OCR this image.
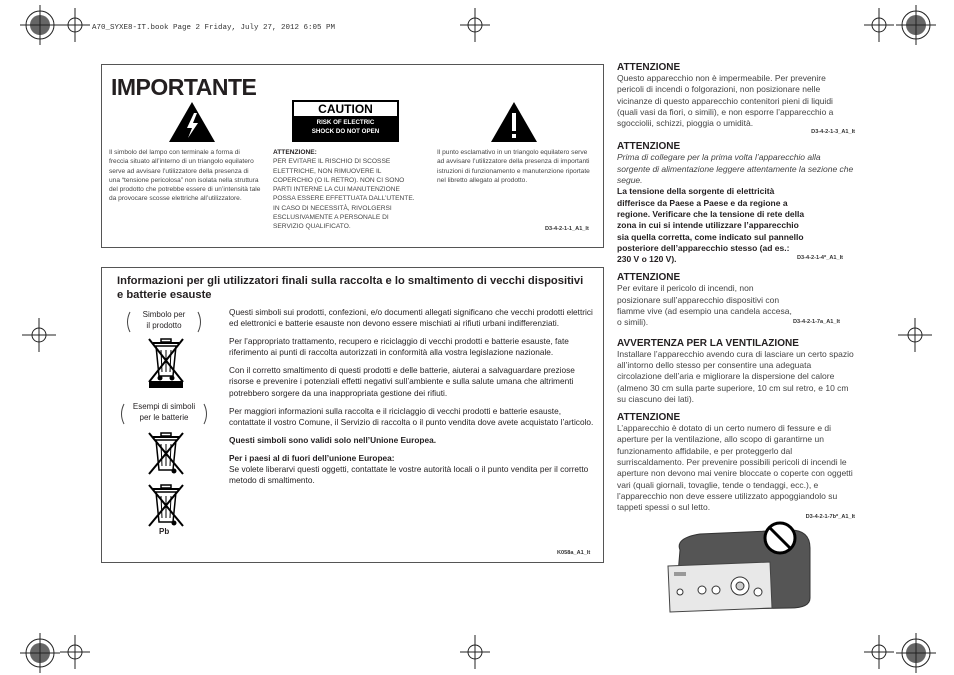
A70_SYXE8-IT.book Page 2 Friday, July 27, 2012 6:05 PM
IMPORTANTE
CAUTION
RISK OF ELECTRIC SHOCK DO NOT OPEN
Il simbolo del lampo con terminale a forma di freccia situato all’interno di un triangolo equilatero serve ad avvisare l’utilizzatore della presenza di una “tensione pericolosa” non isolata nella struttura del prodotto che potrebbe essere di un’intensità tale da provocare scosse elettriche all’utilizzatore.
ATTENZIONE:
PER EVITARE IL RISCHIO DI SCOSSE ELETTRICHE, NON RIMUOVERE IL COPERCHIO (O IL RETRO). NON CI SONO PARTI INTERNE LA CUI MANUTENZIONE POSSA ESSERE EFFETTUATA DALL’UTENTE. IN CASO DI NECESSITÀ, RIVOLGERSI ESCLUSIVAMENTE A PERSONALE DI SERVIZIO QUALIFICATO.
Il punto esclamativo in un triangolo equilatero serve ad avvisare l’utilizzatore della presenza di importanti istruzioni di funzionamento e manutenzione riportate nel libretto allegato al prodotto.
D3-4-2-1-1_A1_It
Informazioni per gli utilizzatori finali sulla raccolta e lo smaltimento di vecchi dispositivi e batterie esauste
Simbolo per
il prodotto
Esempi di simboli
per le batterie
Pb

Questi simboli sui prodotti, confezioni, e/o documenti allegati significano che vecchi prodotti elettrici ed elettronici e batterie esauste non devono essere mischiati ai rifiuti urbani indifferenziati.

Per l’appropriato trattamento, recupero e riciclaggio di vecchi prodotti e batterie esauste, fate riferimento ai punti di raccolta autorizzati in conformità alla vostra legislazione nazionale.

Con il corretto smaltimento di questi prodotti e delle batterie, aiuterai a salvaguardare preziose risorse e prevenire i potenziali effetti negativi sull’ambiente e sulla salute umana che altrimenti potrebbero sorgere da una inappropriata gestione dei rifiuti.

Per maggiori informazioni sulla raccolta e il riciclaggio di vecchi prodotti e batterie esauste, contattate il vostro Comune, il Servizio di raccolta o il punto vendita dove avete acquistato l’articolo.

Questi simboli sono validi solo nell’Unione Europea.

Per i paesi al di fuori dell’unione Europea:

Se volete liberarvi questi oggetti, contattate le vostre autorità locali o il punto vendita per il corretto metodo di smaltimento.

K058a_A1_It

ATTENZIONE

Questo apparecchio non è impermeabile. Per prevenire pericoli di incendi o folgorazioni, non posizionare nelle vicinanze di questo apparecchio contenitori pieni di liquidi (quali vasi da fiori, o simili), e non esporre l’apparecchio a sgocciolii, schizzi, pioggia o umidità.

D3-4-2-1-3_A1_It

ATTENZIONE

Prima di collegare per la prima volta l’apparecchio alla sorgente di alimentazione leggere attentamente la sezione che segue.

La tensione della sorgente di elettricità differisce da Paese a Paese e da regione a regione. Verificare che la tensione di rete della zona in cui si intende utilizzare l’apparecchio sia quella corretta, come indicato sul pannello posteriore dell’apparecchio stesso (ad es.: 230 V o 120 V).	D3-4-2-1-4*_A1_It

ATTENZIONE

Per evitare il pericolo di incendi, non posizionare sull’apparecchio dispositivi con fiamme vive (ad esempio una candela accesa, o simili).	D3-4-2-1-7a_A1_It

AVVERTENZA PER LA VENTILAZIONE

Installare l’apparecchio avendo cura di lasciare un certo spazio all’intorno dello stesso per consentire una adeguata circolazione dell’aria e migliorare la dispersione del calore (almeno 30 cm sulla parte superiore, 10 cm sul retro, e 10 cm su ciascuno dei lati).

ATTENZIONE

L’apparecchio è dotato di un certo numero di fessure e di aperture per la ventilazione, allo scopo di garantirne un funzionamento affidabile, e per proteggerlo dal surriscaldamento. Per prevenire possibili pericoli di incendi le aperture non devono mai venire bloccate o coperte con oggetti vari (quali giornali, tovaglie, tende o tendaggi, ecc.), e l’apparecchio non deve essere utilizzato appoggiandolo su tappeti spessi o sul letto.

D3-4-2-1-7b*_A1_It
